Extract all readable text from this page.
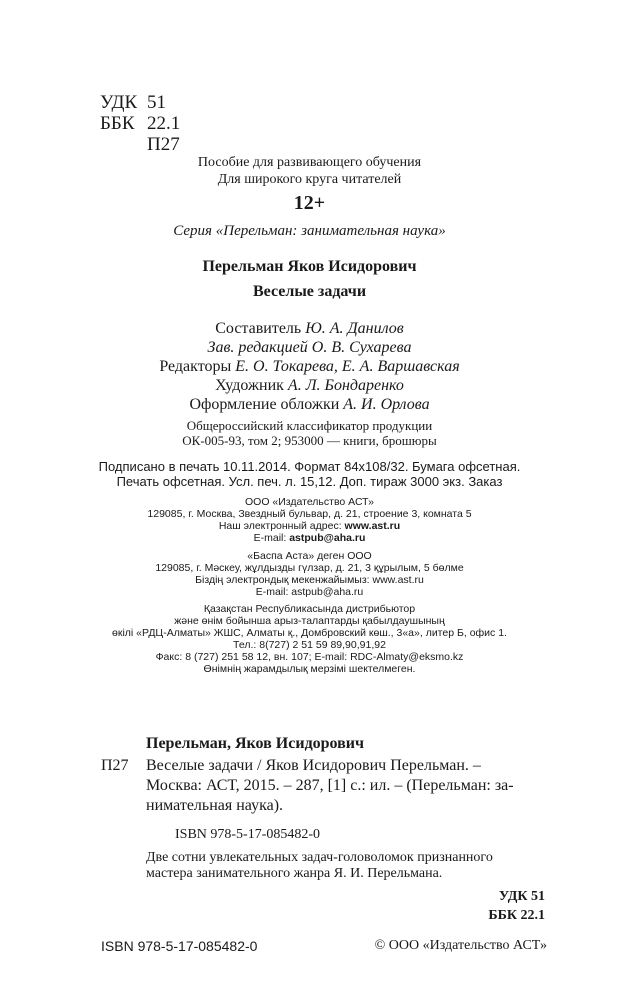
УДК 51
ББК 22.1
П27
Пособие для развивающего обучения
Для широкого круга читателей
12+
Серия «Перельман: занимательная наука»
Перельман Яков Исидорович
Веселые задачи
Составитель Ю. А. Данилов
Зав. редакцией О. В. Сухарева
Редакторы Е. О. Токарева, Е. А. Варшавская
Художник А. Л. Бондаренко
Оформление обложки А. И. Орлова
Общероссийский классификатор продукции
ОК-005-93, том 2; 953000 — книги, брошюры
Подписано в печать 10.11.2014. Формат 84х108/32. Бумага офсетная.
Печать офсетная. Усл. печ. л. 15,12. Доп. тираж 3000 экз. Заказ
ООО «Издательство АСТ»
129085, г. Москва, Звездный бульвар, д. 21, строение 3, комната 5
Наш электронный адрес: www.ast.ru
E-mail: astpub@aha.ru
«Баспа Аста» деген ООО
129085, г. Мәскеу, жұлдызды гүлзар, д. 21, 3 құрылым, 5 бөлме
Біздің электрондық мекенжайымыз: www.ast.ru
E-mail: astpub@aha.ru
Қазақстан Республикасында дистрибьютор
және өнім бойынша арыз-талаптарды қабылдаушының
өкілі «РДЦ-Алматы» ЖШС, Алматы қ., Домбровский көш., 3«а», литер Б, офис 1.
Тел.: 8(727) 2 51 59 89,90,91,92
Факс: 8 (727) 251 58 12, вн. 107; E-mail: RDC-Almaty@eksmo.kz
Өнімнің жарамдылық мерзімі шектелмеген.
Перельман, Яков Исидорович
П27 Веселые задачи / Яков Исидорович Перельман. –
Москва: АСТ, 2015. – 287, [1] с.: ил. – (Перельман: за-
нимательная наука).
ISBN 978-5-17-085482-0
Две сотни увлекательных задач-головоломок признанного
мастера занимательного жанра Я. И. Перельмана.
УДК 51
ББК 22.1
ISBN 978-5-17-085482-0	© ООО «Издательство АСТ»
